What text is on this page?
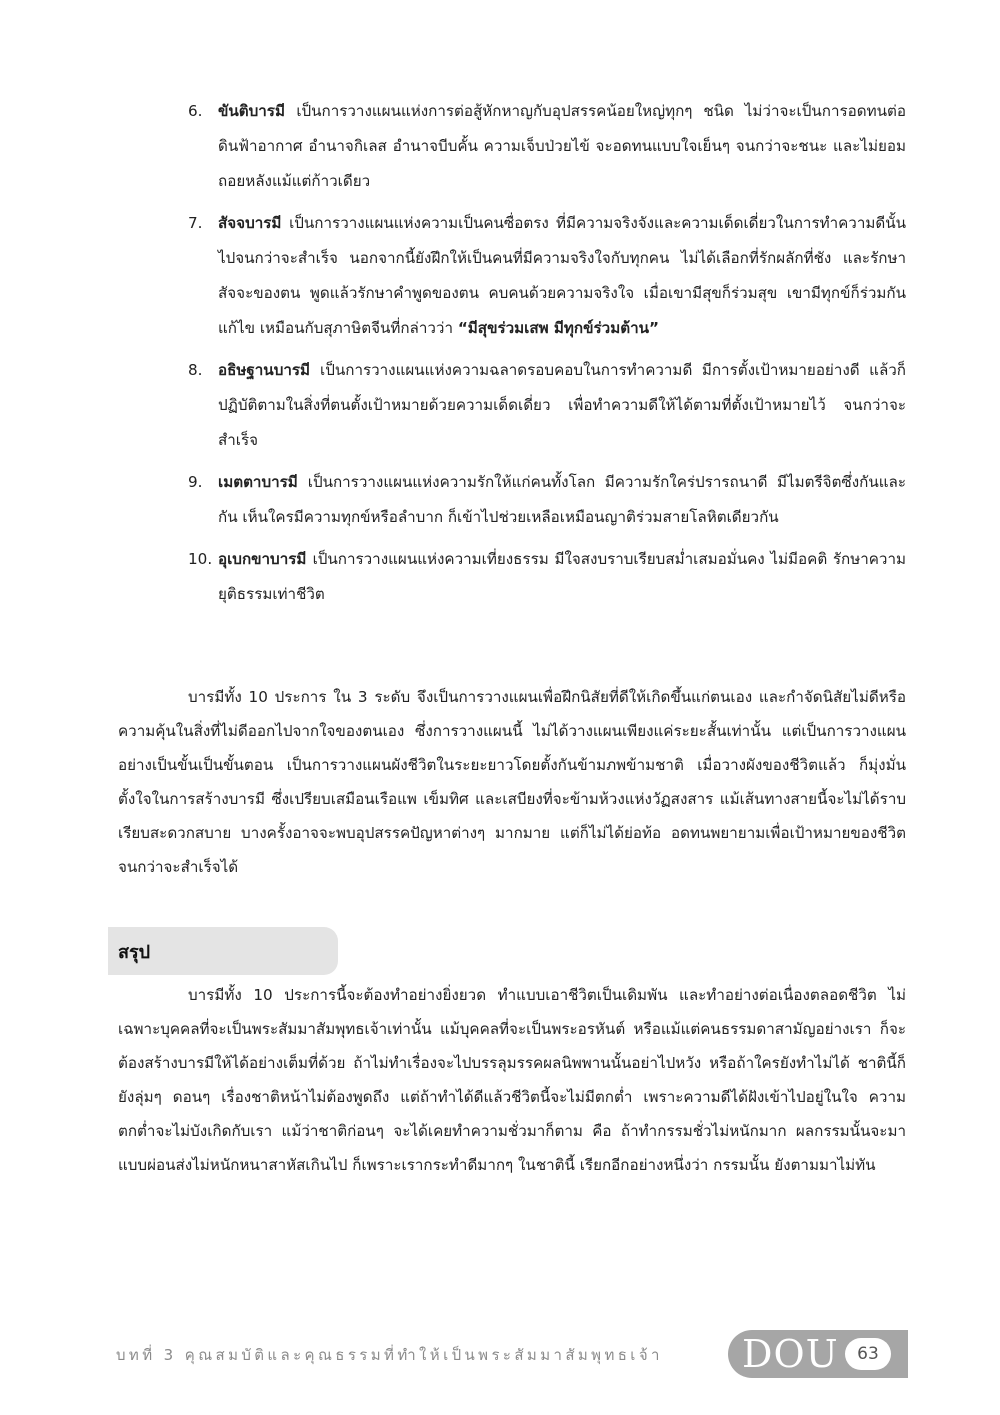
6. ขันติบารมี เป็นการวางแผนแห่งการต่อสู้หักหาญกับอุปสรรคน้อยใหญ่ทุกๆ ชนิด ไม่ว่าจะเป็นการอดทนต่อดินฟ้าอากาศ อำนาจกิเลส อำนาจบีบคั้น ความเจ็บป่วยไข้ จะอดทนแบบใจเย็นๆ จนกว่าจะชนะ และไม่ยอมถอยหลังแม้แต่ก้าวเดียว
7. สัจจบารมี เป็นการวางแผนแห่งความเป็นคนซื่อตรง ที่มีความจริงจังและความเด็ดเดี่ยวในการทำความดีนั้นไปจนกว่าจะสำเร็จ นอกจากนี้ยังฝึกให้เป็นคนที่มีความจริงใจกับทุกคน ไม่ได้เลือกที่รักผลักที่ชัง และรักษาสัจจะของตน พูดแล้วรักษาคำพูดของตน คบคนด้วยความจริงใจ เมื่อเขามีสุขก็ร่วมสุข เขามีทุกข์ก็ร่วมกันแก้ไข เหมือนกับสุภาษิตจีนที่กล่าวว่า “มีสุขร่วมเสพ มีทุกข์ร่วมต้าน”
8. อธิษฐานบารมี เป็นการวางแผนแห่งความฉลาดรอบคอบในการทำความดี มีการตั้งเป้าหมายอย่างดี แล้วก็ปฏิบัติตามในสิ่งที่ตนตั้งเป้าหมายด้วยความเด็ดเดี่ยว เพื่อทำความดีให้ได้ตามที่ตั้งเป้าหมายไว้ จนกว่าจะสำเร็จ
9. เมตตาบารมี เป็นการวางแผนแห่งความรักให้แก่คนทั้งโลก มีความรักใคร่ปรารถนาดี มีไมตรีจิตซึ่งกันและกัน เห็นใครมีความทุกข์หรือลำบาก ก็เข้าไปช่วยเหลือเหมือนญาติร่วมสายโลหิตเดียวกัน
10. อุเบกขาบารมี เป็นการวางแผนแห่งความเที่ยงธรรม มีใจสงบราบเรียบสม่ำเสมอมั่นคง ไม่มีอคติ รักษาความยุติธรรมเท่าชีวิต

บารมีทั้ง 10 ประการ ใน 3 ระดับ จึงเป็นการวางแผนเพื่อฝึกนิสัยที่ดีให้เกิดขึ้นแก่ตนเอง และกำจัดนิสัยไม่ดีหรือความคุ้นในสิ่งที่ไม่ดีออกไปจากใจของตนเอง ซึ่งการวางแผนนี้ ไม่ได้วางแผนเพียงแค่ระยะสั้นเท่านั้น แต่เป็นการวางแผนอย่างเป็นขั้นเป็นขั้นตอน เป็นการวางแผนผังชีวิตในระยะยาวโดยตั้งกันข้ามภพข้ามชาติ เมื่อวางผังของชีวิตแล้ว ก็มุ่งมั่นตั้งใจในการสร้างบารมี ซึ่งเปรียบเสมือนเรือแพ เข็มทิศ และเสบียงที่จะข้ามห้วงแห่งวัฏสงสาร แม้เส้นทางสายนี้จะไม่ได้ราบเรียบสะดวกสบาย บางครั้งอาจจะพบอุปสรรคปัญหาต่างๆ มากมาย แต่ก็ไม่ได้ย่อท้อ อดทนพยายามเพื่อเป้าหมายของชีวิตจนกว่าจะสำเร็จได้

สรุป

บารมีทั้ง 10 ประการนี้จะต้องทำอย่างยิ่งยวด ทำแบบเอาชีวิตเป็นเดิมพัน และทำอย่างต่อเนื่องตลอดชีวิต ไม่เฉพาะบุคคลที่จะเป็นพระสัมมาสัมพุทธเจ้าเท่านั้น แม้บุคคลที่จะเป็นพระอรหันต์ หรือแม้แต่คนธรรมดาสามัญอย่างเรา ก็จะต้องสร้างบารมีให้ได้อย่างเต็มที่ด้วย ถ้าไม่ทำเรื่องจะไปบรรลุมรรคผลนิพพานนั้นอย่าไปหวัง หรือถ้าใครยังทำไม่ได้ ชาตินี้ก็ยังลุ่มๆ ดอนๆ เรื่องชาติหน้าไม่ต้องพูดถึง แต่ถ้าทำได้ดีแล้วชีวิตนี้จะไม่มีตกต่ำ เพราะความดีได้ฝังเข้าไปอยู่ในใจ ความตกต่ำจะไม่บังเกิดกับเรา แม้ว่าชาติก่อนๆ จะได้เคยทำความชั่วมาก็ตาม คือ ถ้าทำกรรมชั่วไม่หนักมาก ผลกรรมนั้นจะมาแบบผ่อนส่งไม่หนักหนาสาหัสเกินไป ก็เพราะเรากระทำดีมากๆ ในชาตินี้ เรียกอีกอย่างหนึ่งว่า กรรมนั้น ยังตามมาไม่ทัน

บทที่ 3 คุณสมบัติและคุณธรรมที่ทำให้เป็นพระสัมมาสัมพุทธเจ้า DOU	63
